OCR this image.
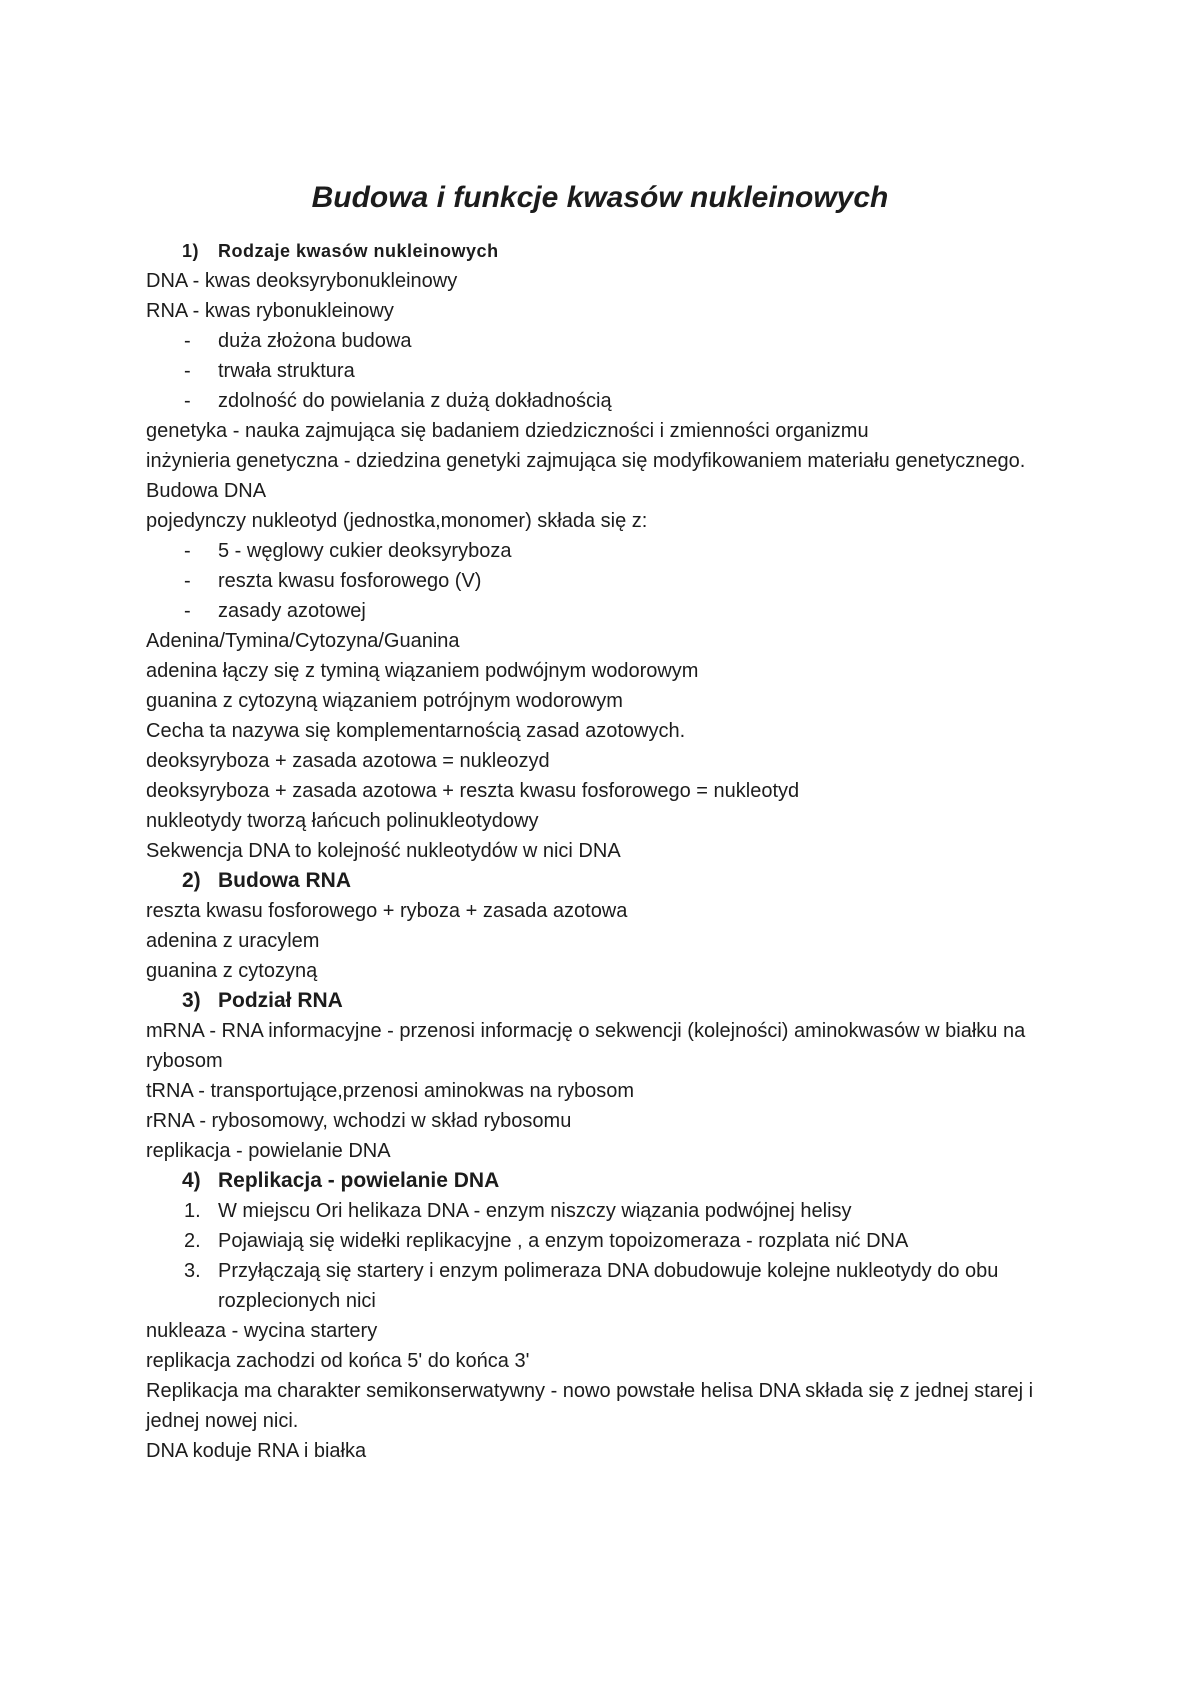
Budowa i funkcje kwasów nukleinowych

1) Rodzaje kwasów nukleinowych

DNA - kwas deoksyrybonukleinowy

RNA - kwas rybonukleinowy

- duża złożona budowa

- trwała struktura

- zdolność do powielania z dużą dokładnością

genetyka - nauka zajmująca się badaniem dziedziczności i zmienności organizmu

inżynieria genetyczna - dziedzina genetyki zajmująca się modyfikowaniem materiału genetycznego.

Budowa DNA

pojedynczy nukleotyd (jednostka,monomer) składa się z:

- 5 - węglowy cukier deoksyryboza

- reszta kwasu fosforowego (V)

- zasady azotowej

Adenina/Tymina/Cytozyna/Guanina

adenina łączy się z tyminą wiązaniem podwójnym wodorowym

guanina z cytozyną wiązaniem potrójnym wodorowym

Cecha ta nazywa się komplementarnością zasad azotowych.

deoksyryboza + zasada azotowa = nukleozyd

deoksyryboza + zasada azotowa + reszta kwasu fosforowego = nukleotyd

nukleotydy tworzą łańcuch polinukleotydowy

Sekwencja DNA to kolejność nukleotydów w nici DNA

2) Budowa RNA

reszta kwasu fosforowego + ryboza + zasada azotowa

adenina z uracylem

guanina z cytozyną

3) Podział RNA

mRNA - RNA informacyjne - przenosi informację o sekwencji (kolejności) aminokwasów w białku na rybosom

tRNA - transportujące,przenosi aminokwas na rybosom

rRNA - rybosomowy, wchodzi w skład rybosomu

replikacja - powielanie DNA

4) Replikacja - powielanie DNA

1. W miejscu Ori helikaza DNA - enzym niszczy wiązania podwójnej helisy

2. Pojawiają się widełki replikacyjne , a enzym topoizomeraza - rozplata nić DNA

3. Przyłączają się startery i enzym polimeraza DNA dobudowuje kolejne nukleotydy do obu rozplecionych nici

nukleaza - wycina startery

replikacja zachodzi od końca 5' do końca 3'

Replikacja ma charakter semikonserwatywny - nowo powstałe helisa DNA składa się z jednej starej i jednej nowej nici.

DNA koduje RNA i białka
